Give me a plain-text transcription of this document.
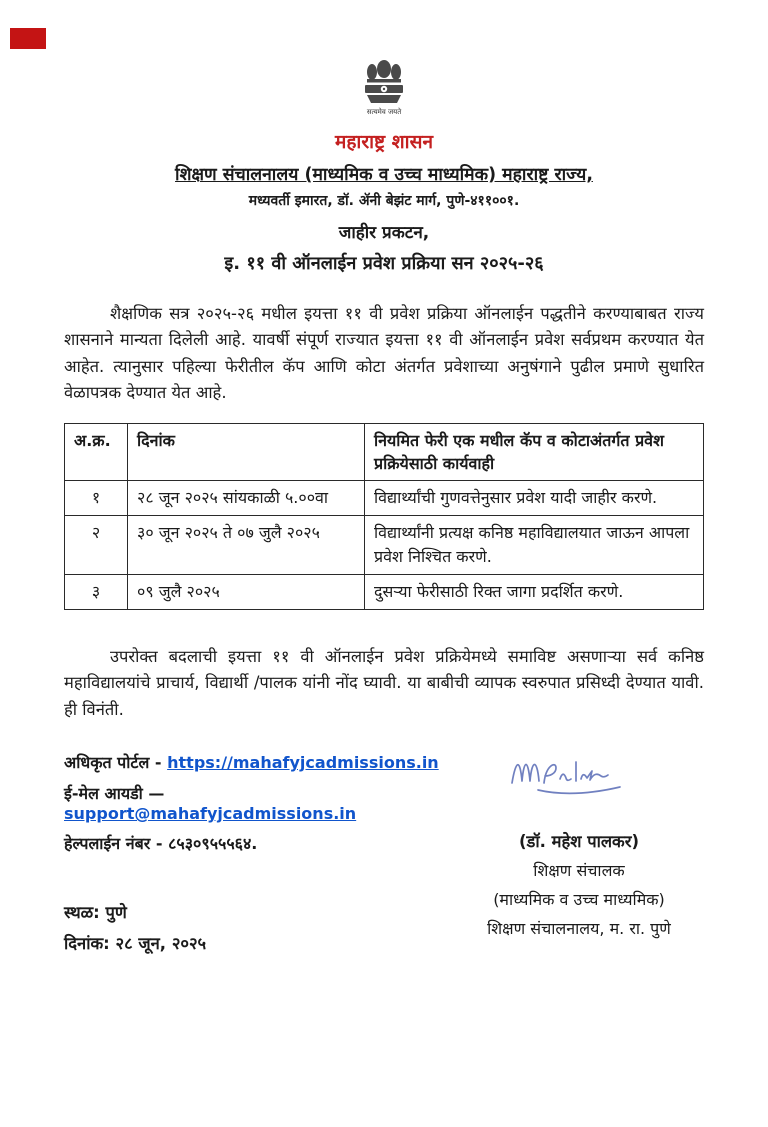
सत्यमेव जयते
महाराष्ट्र शासन
शिक्षण संचालनालय (माध्यमिक व उच्च माध्यमिक) महाराष्ट्र राज्य,
मध्यवर्ती इमारत, डॉ. ॲनी बेझंट मार्ग, पुणे-४११००१.
जाहीर प्रकटन,
इ. ११ वी ऑनलाईन प्रवेश प्रक्रिया सन २०२५-२६

शैक्षणिक सत्र २०२५-२६ मधील इयत्ता ११ वी प्रवेश प्रक्रिया ऑनलाईन पद्धतीने करण्याबाबत राज्य शासनाने मान्यता दिलेली आहे. यावर्षी संपूर्ण राज्यात इयत्ता ११ वी ऑनलाईन प्रवेश सर्वप्रथम करण्यात येत आहेत. त्यानुसार पहिल्या फेरीतील कॅप आणि कोटा अंतर्गत प्रवेशाच्या अनुषंगाने पुढील प्रमाणे सुधारित वेळापत्रक देण्यात येत आहे.

अ.क्र.	दिनांक	नियमित फेरी एक मधील कॅप व कोटाअंतर्गत प्रवेश प्रक्रियेसाठी कार्यवाही
१	२८ जून २०२५ सांयकाळी ५.००वा	विद्यार्थ्यांची गुणवत्तेनुसार प्रवेश यादी जाहीर करणे.
२	३० जून २०२५ ते ०७ जुलै २०२५	विद्यार्थ्यांनी प्रत्यक्ष कनिष्ठ महाविद्यालयात जाऊन आपला प्रवेश निश्चित करणे.
३	०९ जुलै २०२५	दुसऱ्या फेरीसाठी रिक्त जागा प्रदर्शित करणे.

उपरोक्त बदलाची इयत्ता ११ वी ऑनलाईन प्रवेश प्रक्रियेमध्ये समाविष्ट असणाऱ्या सर्व कनिष्ठ महाविद्यालयांचे प्राचार्य, विद्यार्थी /पालक यांनी नोंद घ्यावी. या बाबीची व्यापक स्वरुपात प्रसिध्दी देण्यात यावी. ही विनंती.

अधिकृत पोर्टल - https://mahafyjcadmissions.in
ई-मेल आयडी — support@mahafyjcadmissions.in
हेल्पलाईन नंबर - ८५३०९५५५६४.
स्थळ: पुणे
दिनांक: २८ जून, २०२५
(डॉ. महेश पालकर)
शिक्षण संचालक
(माध्यमिक व उच्च माध्यमिक)
शिक्षण संचालनालय, म. रा. पुणे
